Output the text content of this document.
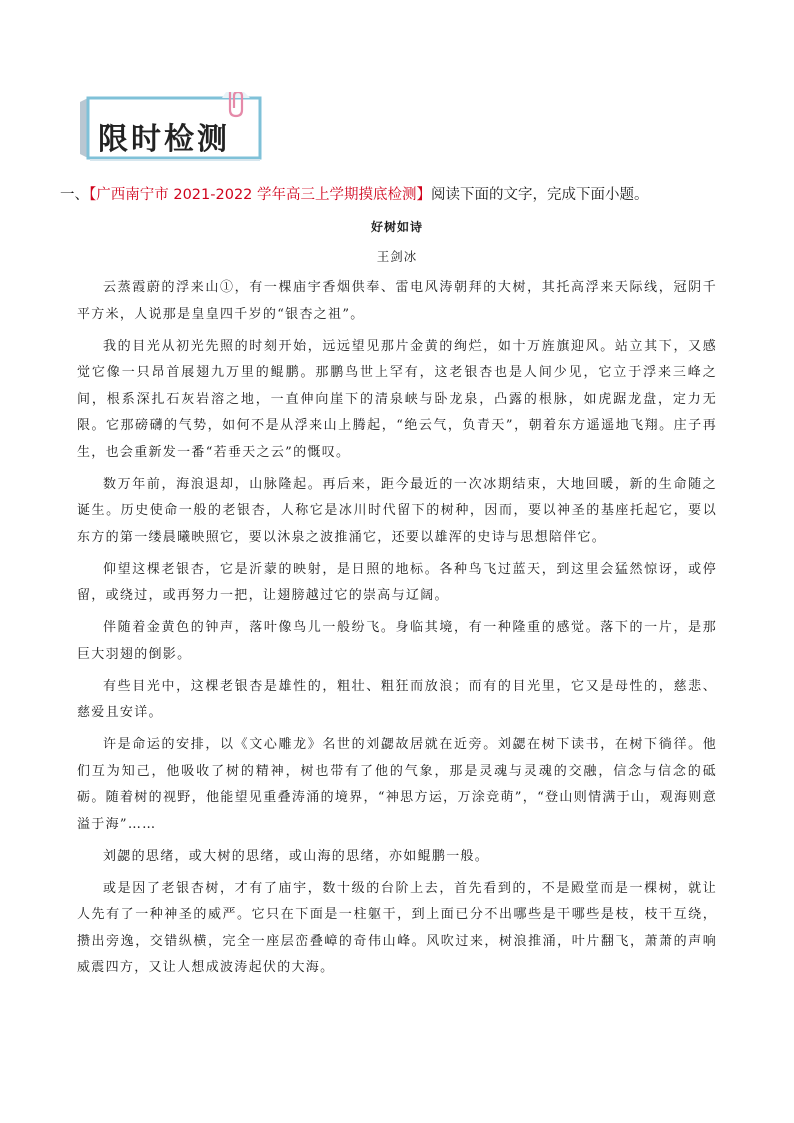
限时检测
一、【广西南宁市 2021-2022 学年高三上学期摸底检测】阅读下面的文字，完成下面小题。
好树如诗
王剑冰

云蒸霞蔚的浮来山①，有一棵庙宇香烟供奉、雷电风涛朝拜的大树，其托高浮来天际线，冠阴千平方米，人说那是皇皇四千岁的“银杏之祖”。

我的目光从初光先照的时刻开始，远远望见那片金黄的绚烂，如十万旌旗迎风。站立其下，又感觉它像一只昂首展翅九万里的鲲鹏。那鹏鸟世上罕有，这老银杏也是人间少见，它立于浮来三峰之间，根系深扎石灰岩溶之地，一直伸向崖下的清泉峡与卧龙泉，凸露的根脉，如虎踞龙盘，定力无限。它那磅礴的气势，如何不是从浮来山上腾起，“绝云气，负青天”，朝着东方遥遥地飞翔。庄子再生，也会重新发一番“若垂天之云”的慨叹。

数万年前，海浪退却，山脉隆起。再后来，距今最近的一次冰期结束，大地回暖，新的生命随之诞生。历史使命一般的老银杏，人称它是冰川时代留下的树种，因而，要以神圣的基座托起它，要以东方的第一缕晨曦映照它，要以沐泉之波推涌它，还要以雄浑的史诗与思想陪伴它。

仰望这棵老银杏，它是沂蒙的映射，是日照的地标。各种鸟飞过蓝天，到这里会猛然惊讶，或停留，或绕过，或再努力一把，让翅膀越过它的崇高与辽阔。

伴随着金黄色的钟声，落叶像鸟儿一般纷飞。身临其境，有一种隆重的感觉。落下的一片，是那巨大羽翅的倒影。

有些目光中，这棵老银杏是雄性的，粗壮、粗狂而放浪；而有的目光里，它又是母性的，慈悲、慈爱且安详。

许是命运的安排，以《文心雕龙》名世的刘勰故居就在近旁。刘勰在树下读书，在树下徜徉。他们互为知己，他吸收了树的精神，树也带有了他的气象，那是灵魂与灵魂的交融，信念与信念的砥砺。随着树的视野，他能望见重叠涛涌的境界，“神思方运，万涂竞萌”，“登山则情满于山，观海则意溢于海”……

刘勰的思绪，或大树的思绪，或山海的思绪，亦如鲲鹏一般。

或是因了老银杏树，才有了庙宇，数十级的台阶上去，首先看到的，不是殿堂而是一棵树，就让人先有了一种神圣的威严。它只在下面是一柱躯干，到上面已分不出哪些是干哪些是枝，枝干互绕，攒出旁逸，交错纵横，完全一座层峦叠嶂的奇伟山峰。风吹过来，树浪推涌，叶片翻飞，萧萧的声响威震四方，又让人想成波涛起伏的大海。
